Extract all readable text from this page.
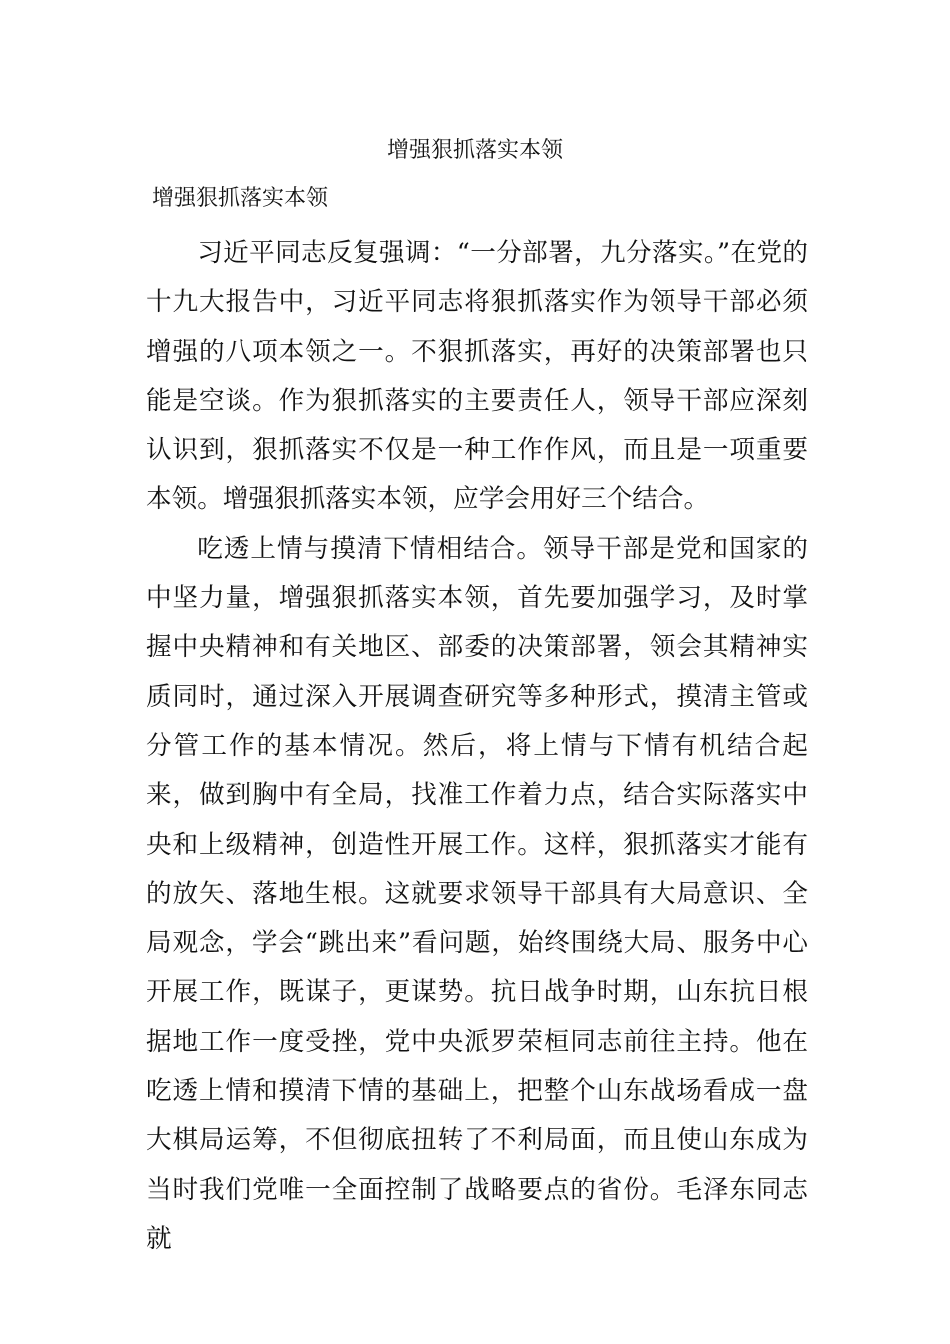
增强狠抓落实本领
增强狠抓落实本领

习近平同志反复强调：“一分部署，九分落实。”在党的十九大报告中，习近平同志将狠抓落实作为领导干部必须增强的八项本领之一。不狠抓落实，再好的决策部署也只能是空谈。作为狠抓落实的主要责任人，领导干部应深刻认识到，狠抓落实不仅是一种工作作风，而且是一项重要本领。增强狠抓落实本领，应学会用好三个结合。

吃透上情与摸清下情相结合。领导干部是党和国家的中坚力量，增强狠抓落实本领，首先要加强学习，及时掌握中央精神和有关地区、部委的决策部署，领会其精神实质同时，通过深入开展调查研究等多种形式，摸清主管或分管工作的基本情况。然后，将上情与下情有机结合起来，做到胸中有全局，找准工作着力点，结合实际落实中央和上级精神，创造性开展工作。这样，狠抓落实才能有的放矢、落地生根。这就要求领导干部具有大局意识、全局观念，学会“跳出来”看问题，始终围绕大局、服务中心开展工作，既谋子，更谋势。抗日战争时期，山东抗日根据地工作一度受挫，党中央派罗荣桓同志前往主持。他在吃透上情和摸清下情的基础上，把整个山东战场看成一盘大棋局运筹，不但彻底扭转了不利局面，而且使山东成为当时我们党唯一全面控制了战略要点的省份。毛泽东同志就
